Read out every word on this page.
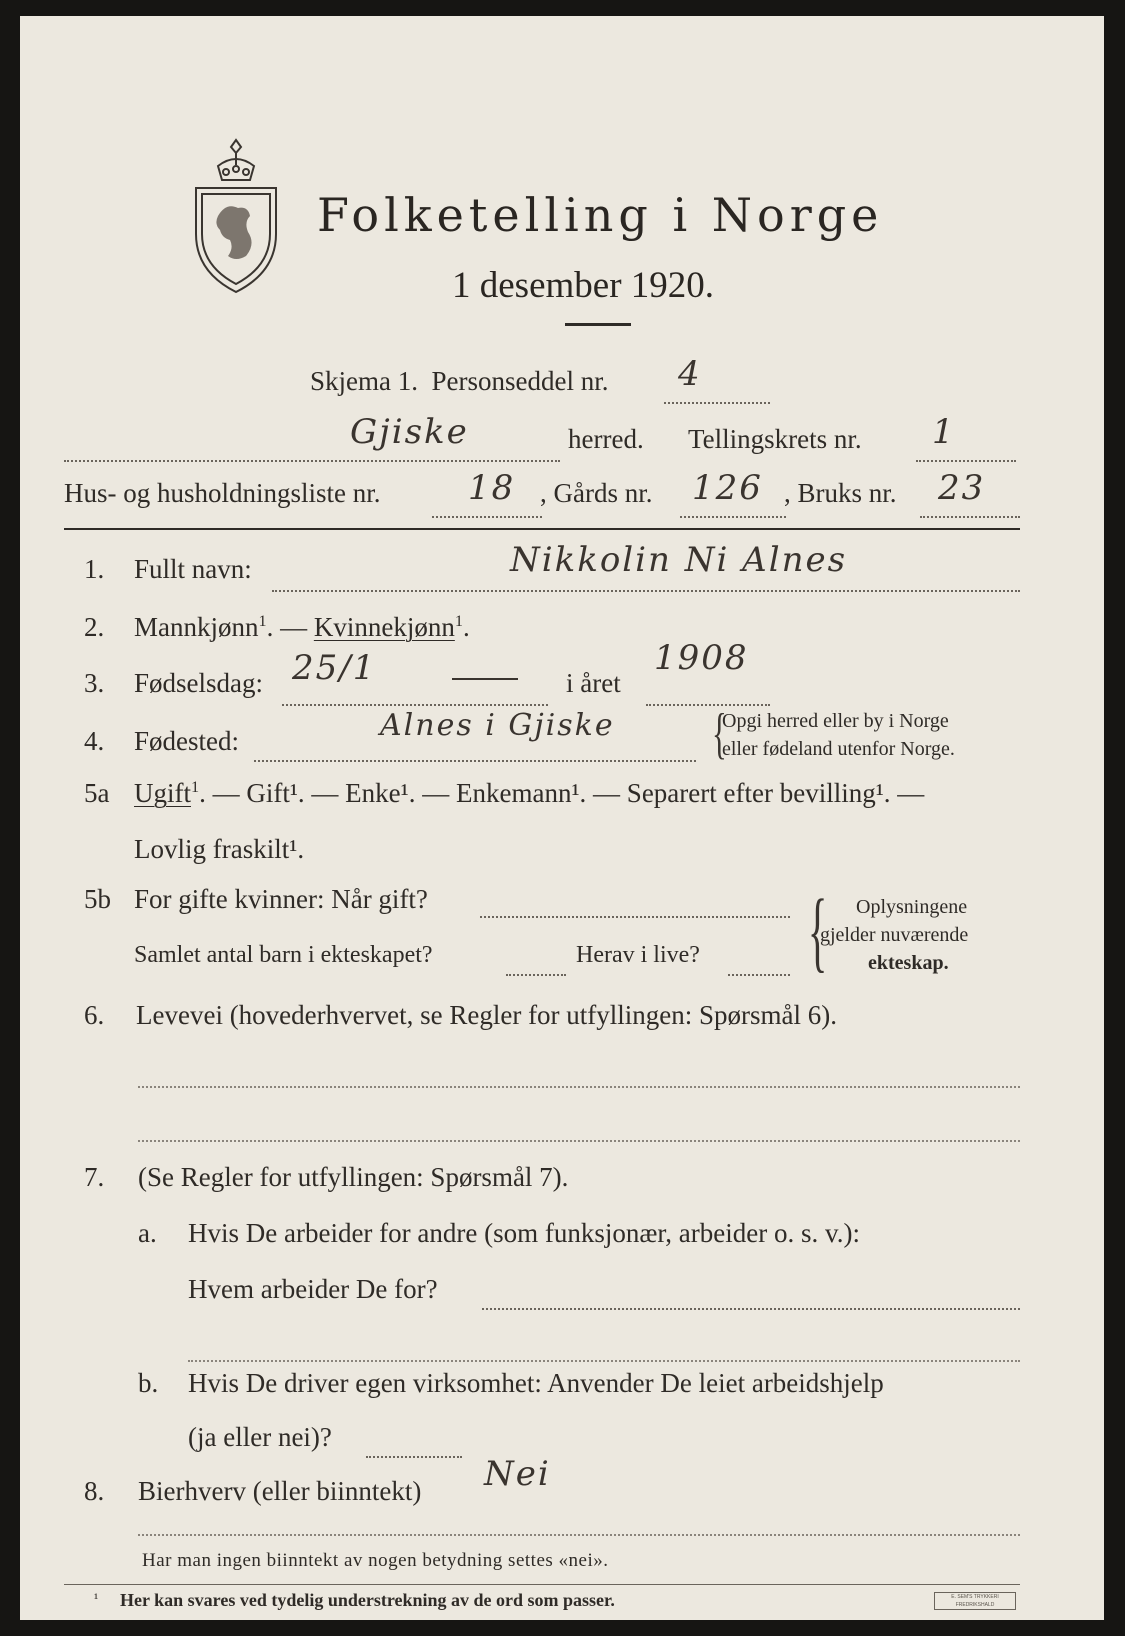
Folketelling i Norge
1 desember 1920.
Skjema 1. Personseddel nr. 4
Gjiske	herred. Tellingskrets nr. 1
Hus- og husholdningsliste nr.	18 , Gårds nr. 126 , Bruks nr. 23
1. Fullt navn:	Nikkolin Ni Alnes
2. Mannkjønn$^1$. — Kvinnekjønn$^1$.
3. Fødselsdag: 25/1	i året
1908
4. Fødested:	Alnes i Gjiske {
Opgi herred eller by i Norge
eller fødeland utenfor Norge.
5a Ugift$^1$. — Gift¹. — Enke¹. — Enkemann¹. — Separert efter bevilling¹. —
Lovlig fraskilt¹.
5b For gifte kvinner: Når gift?
Samlet antal barn i ekteskapet?	Herav i live? { Oplysningene
gjelder nuværende
ekteskap.
6. Levevei (hovederhvervet, se Regler for utfyllingen: Spørsmål 6).
7. (Se Regler for utfyllingen: Spørsmål 7).
a. Hvis De arbeider for andre (som funksjonær, arbeider o. s. v.):
Hvem arbeider De for?
b. Hvis De driver egen virksomhet: Anvender De leiet arbeidshjelp
(ja eller nei)?
8. Bierhverv (eller biinntekt) Nei
Har man ingen biinntekt av nogen betydning settes «nei».
¹ Her kan svares ved tydelig understrekning av de ord som passer.	E. SEM'S TRYKKERI FREDRIKSHALD
